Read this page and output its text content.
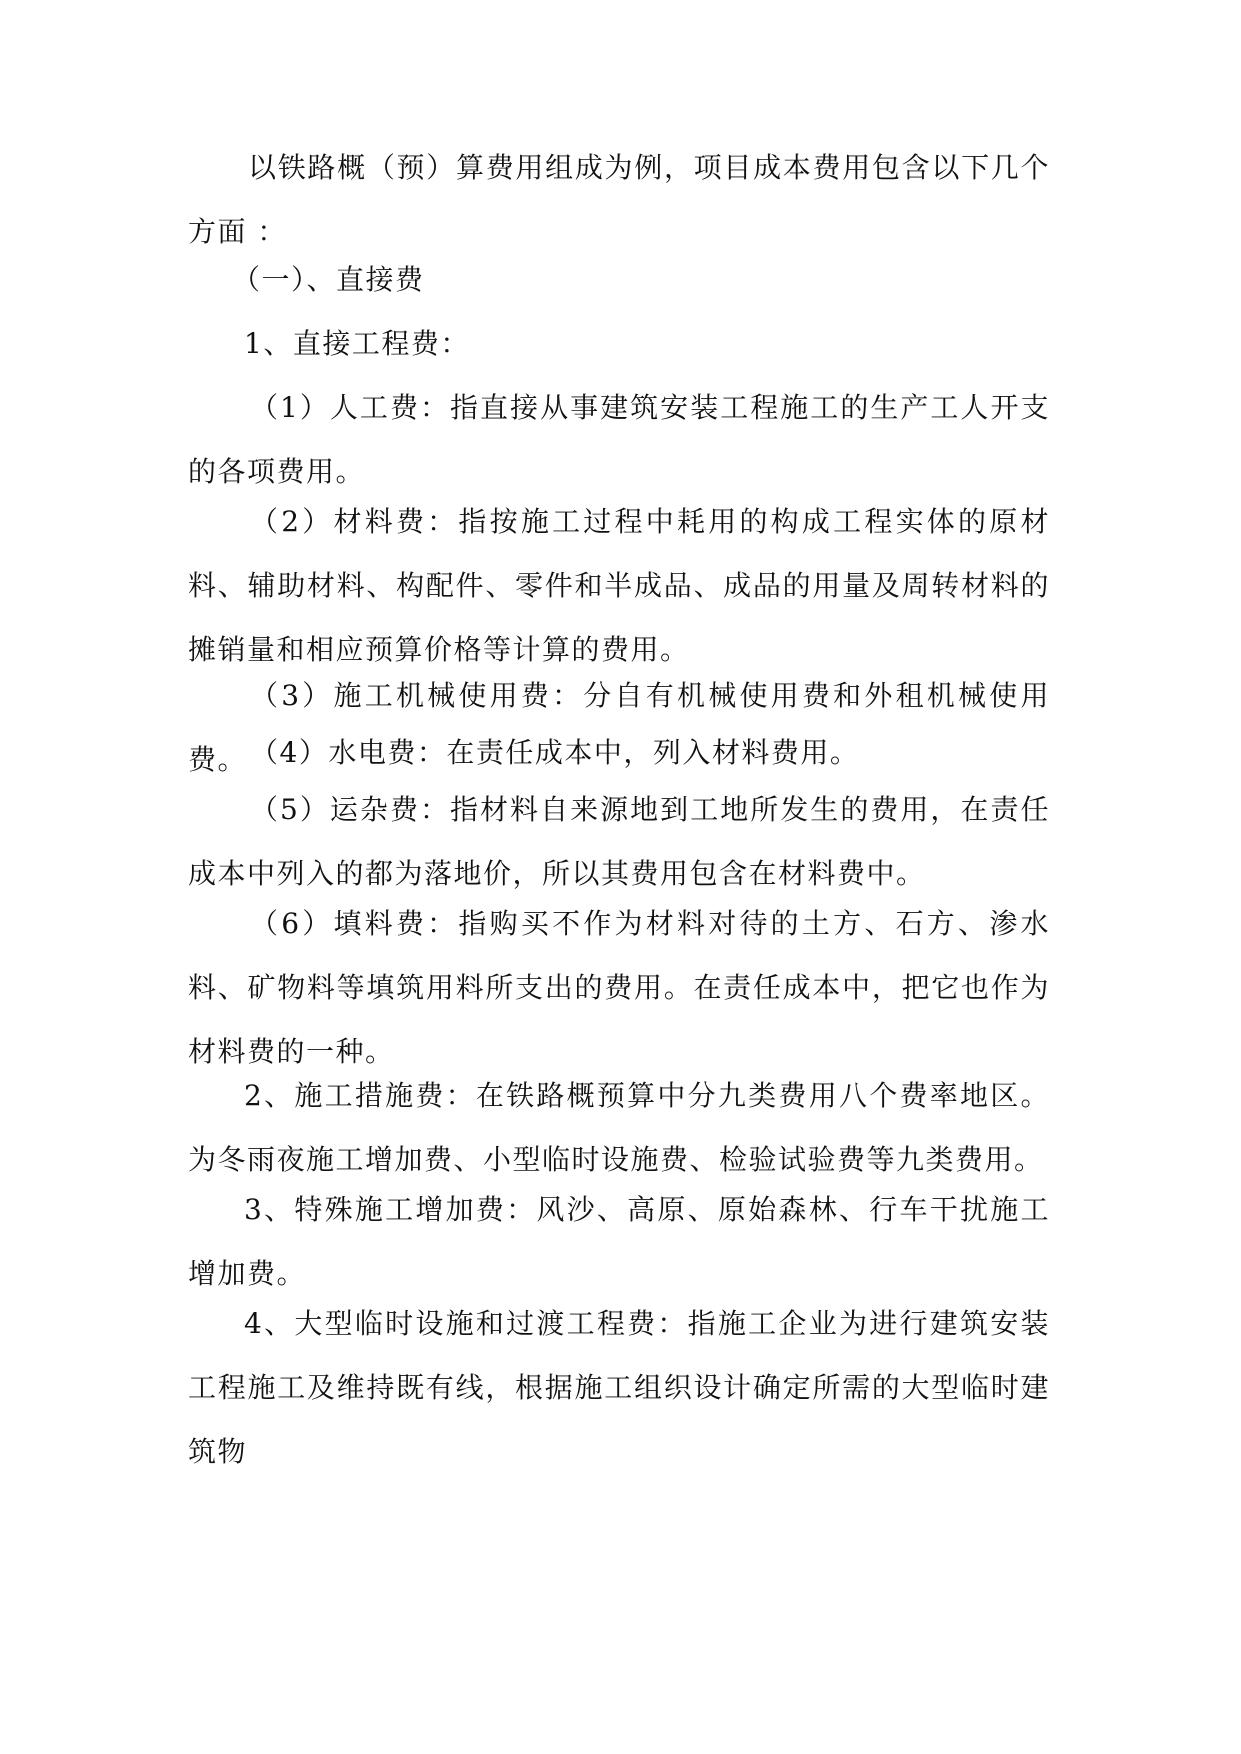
以铁路概（预）算费用组成为例，项目成本费用包含以下几个方面 ：

（一）、直接费

1、直接工程费：

（1）人工费：指直接从事建筑安装工程施工的生产工人开支的各项费用。

（2）材料费：指按施工过程中耗用的构成工程实体的原材料、辅助材料、构配件、零件和半成品、成品的用量及周转材料的摊销量和相应预算价格等计算的费用。

（3）施工机械使用费：分自有机械使用费和外租机械使用费。 （4）水电费：在责任成本中，列入材料费用。

（5）运杂费：指材料自来源地到工地所发生的费用，在责任成本中列入的都为落地价，所以其费用包含在材料费中。

（6）填料费：指购买不作为材料对待的土方、石方、渗水料、矿物料等填筑用料所支出的费用。在责任成本中，把它也作为材料费的一种。

2、施工措施费：在铁路概预算中分九类费用八个费率地区。为冬雨夜施工增加费、小型临时设施费、检验试验费等九类费用。

3、特殊施工增加费：风沙、高原、原始森林、行车干扰施工增加费。

4、大型临时设施和过渡工程费：指施工企业为进行建筑安装工程施工及维持既有线，根据施工组织设计确定所需的大型临时建筑物
